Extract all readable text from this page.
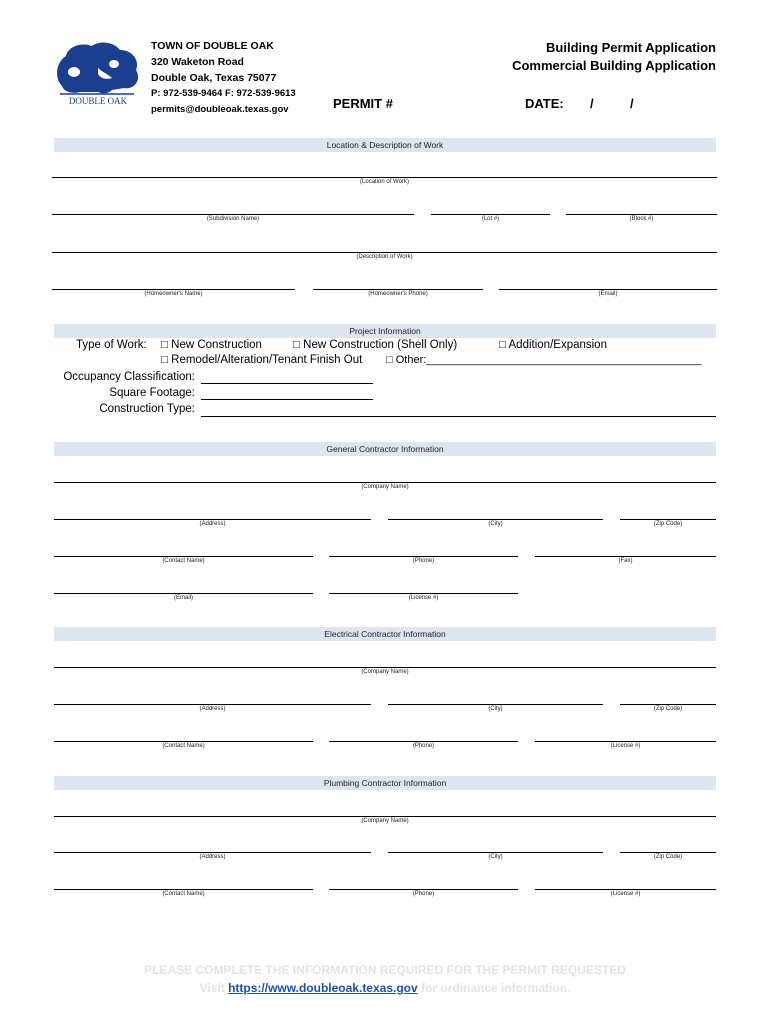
DOUBLE OAK
TOWN OF DOUBLE OAK
320 Waketon Road
Double Oak, Texas 75077
P: 972-539-9464 F: 972-539-9613
permits@doubleoak.texas.gov
Building Permit Application
Commercial Building Application
PERMIT #	DATE: /	/
Location & Description of Work
(Location of Work)
(Subdivision Name)	(Lot #)	(Block #)
(Description of Work)
(Homeowner's Name)	(Homeowner's Phone)	(Email)
Project Information
Type of Work: □ New Construction	□ New Construction (Shell Only)	□ Addition/Expansion
□ Remodel/Alteration/Tenant Finish Out □ Other:_____________________________________________
Occupancy Classification:
Square Footage:
Construction Type:
General Contractor Information
(Company Name)
(Address)	(City)	(Zip Code)
(Contact Name)	(Phone)	(Fax)
(Email)	(License #)
Electrical Contractor Information
(Company Name)
(Address)	(City)	(Zip Code)
(Contact Name)	(Phone)	(License #)
Plumbing Contractor Information
(Company Name)
(Address)	(City)	(Zip Code)
(Contact Name)	(Phone)	(License #)
PLEASE COMPLETE THE INFORMATION REQUIRED FOR THE PERMIT REQUESTED
Visit https://www.doubleoak.texas.gov for ordinance information.
